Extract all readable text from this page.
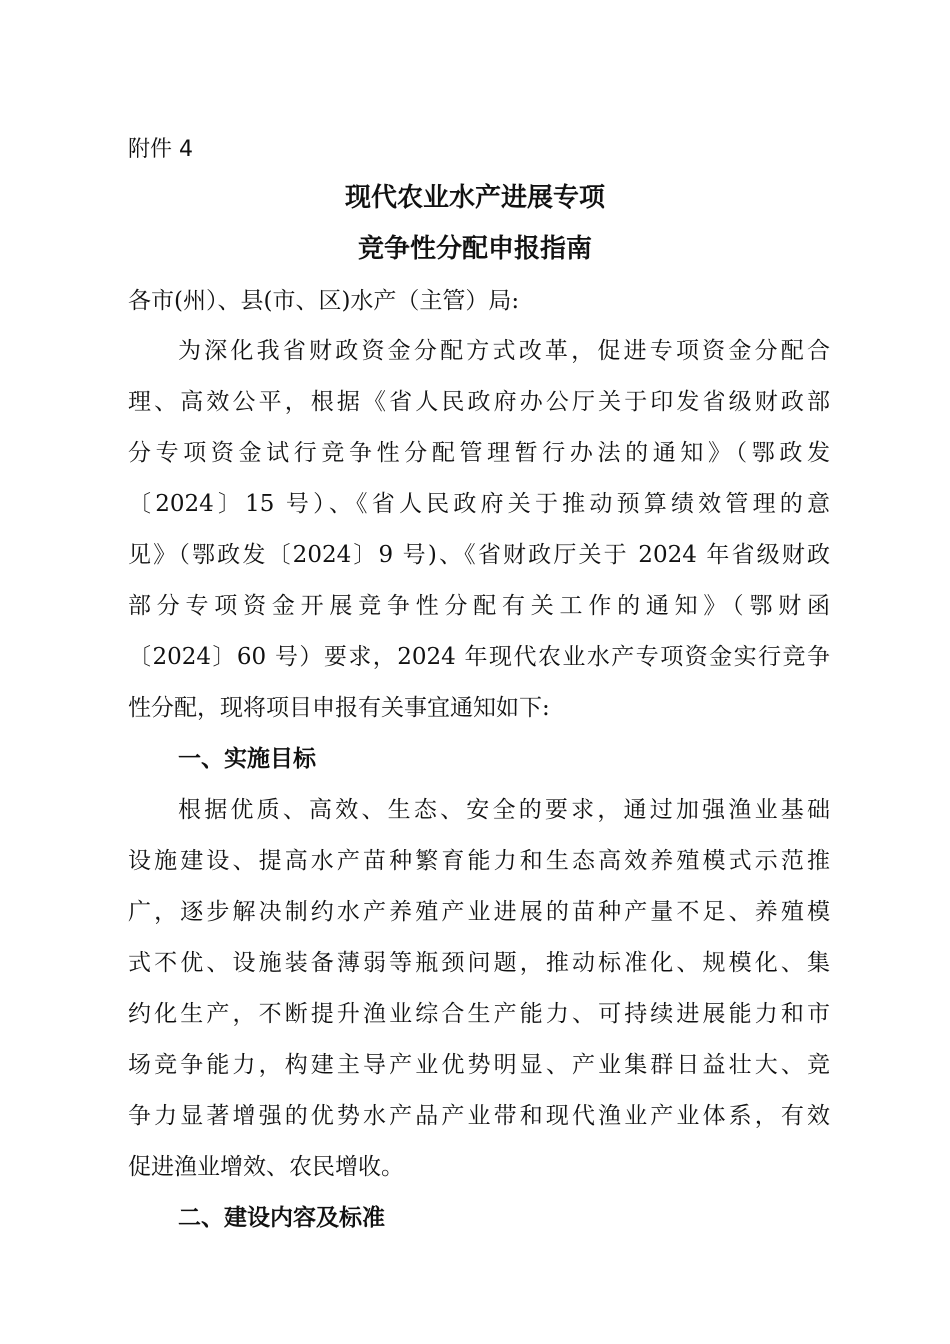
附件 4
现代农业水产进展专项
竞争性分配申报指南
各市(州）、县(市、区)水产（主管）局:
为深化我省财政资金分配方式改革，促进专项资金分配合
理、高效公平，根据《省人民政府办公厅关于印发省级财政部
分专项资金试行竞争性分配管理暂行办法的通知》（鄂政发
〔2024〕15 号）、《省人民政府关于推动预算绩效管理的意
见》（鄂政发〔2024〕9 号)、《省财政厅关于 2024 年省级财政
部分专项资金开展竞争性分配有关工作的通知》（鄂财函
〔2024〕60 号）要求，2024 年现代农业水产专项资金实行竞争
性分配，现将项目申报有关事宜通知如下:
一、实施目标
根据优质、高效、生态、安全的要求，通过加强渔业基础
设施建设、提高水产苗种繁育能力和生态高效养殖模式示范推
广，逐步解决制约水产养殖产业进展的苗种产量不足、养殖模
式不优、设施装备薄弱等瓶颈问题，推动标准化、规模化、集
约化生产，不断提升渔业综合生产能力、可持续进展能力和市
场竞争能力，构建主导产业优势明显、产业集群日益壮大、竞
争力显著增强的优势水产品产业带和现代渔业产业体系，有效
促进渔业增效、农民增收。
二、建设内容及标准
